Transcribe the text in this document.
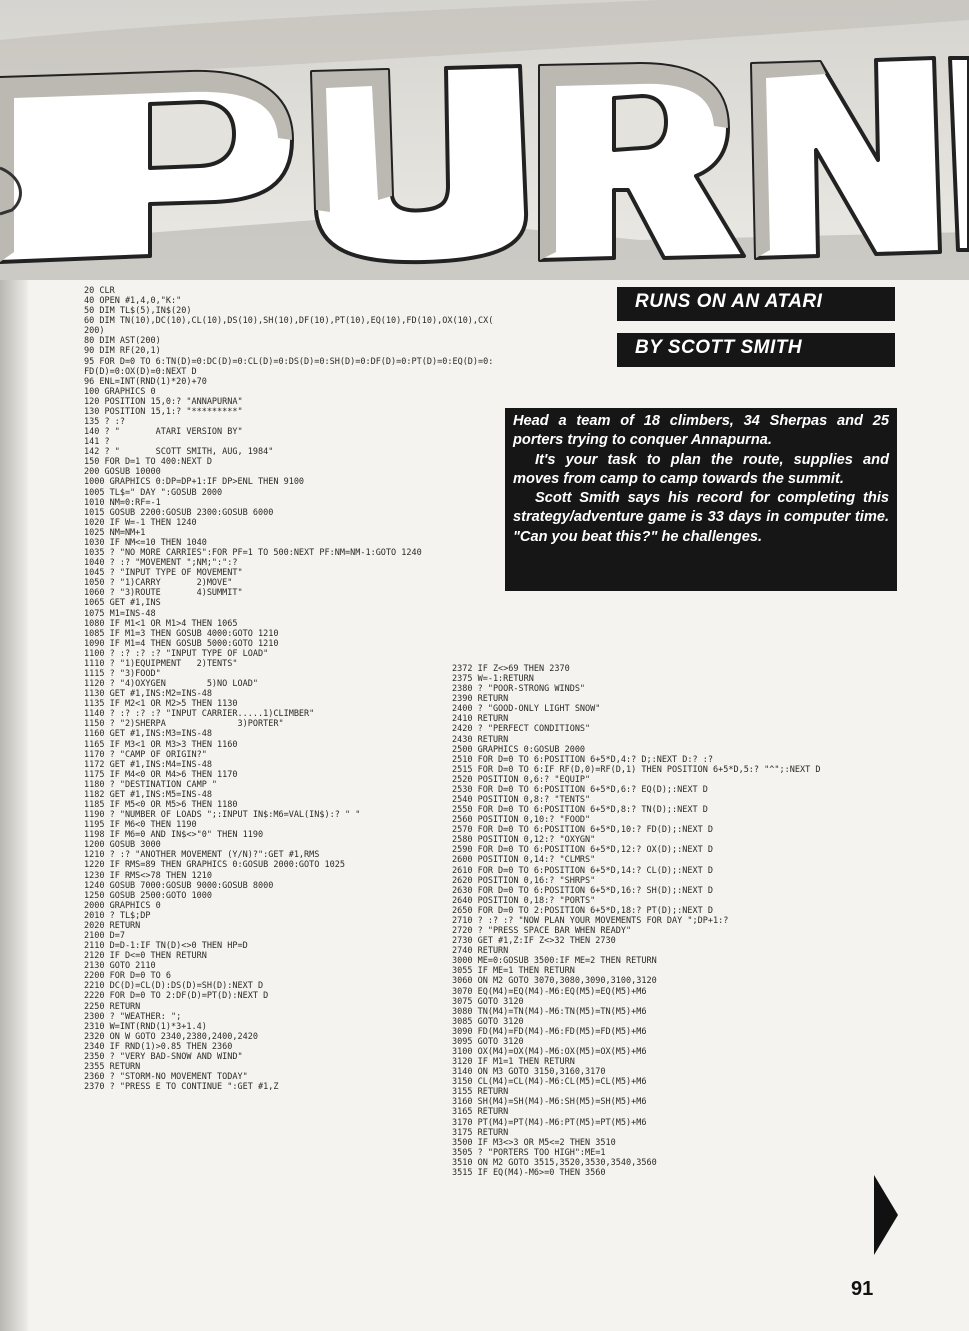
RUNS ON AN ATARI
BY SCOTT SMITH

Head a team of 18 climbers, 34 Sherpas and 25 porters trying to conquer Annapurna.

It's your task to plan the route, supplies and moves from camp to camp towards the summit.

Scott Smith says his record for completing this strategy/adventure game is 33 days in computer time. "Can you beat this?" he challenges.

20 CLR
40 OPEN #1,4,0,"K:"
50 DIM TL$(5),IN$(20)
60 DIM TN(10),DC(10),CL(10),DS(10),SH(10),DF(10),PT(10),EQ(10),FD(10),OX(10),CX(
200)
80 DIM AST(200)
90 DIM RF(20,1)
95 FOR D=0 TO 6:TN(D)=0:DC(D)=0:CL(D)=0:DS(D)=0:SH(D)=0:DF(D)=0:PT(D)=0:EQ(D)=0:
FD(D)=0:OX(D)=0:NEXT D
96 ENL=INT(RND(1)*20)+70
100 GRAPHICS 0
120 POSITION 15,0:? "ANNAPURNA"
130 POSITION 15,1:? "*********"
135 ? :?
140 ? "       ATARI VERSION BY"
141 ?
142 ? "       SCOTT SMITH, AUG, 1984"
150 FOR D=1 TO 400:NEXT D
200 GOSUB 10000
1000 GRAPHICS 0:DP=DP+1:IF DP>ENL THEN 9100
1005 TL$=" DAY ":GOSUB 2000
1010 NM=0:RF=-1
1015 GOSUB 2200:GOSUB 2300:GOSUB 6000
1020 IF W=-1 THEN 1240
1025 NM=NM+1
1030 IF NM<=10 THEN 1040
1035 ? "NO MORE CARRIES":FOR PF=1 TO 500:NEXT PF:NM=NM-1:GOTO 1240
1040 ? :? "MOVEMENT ";NM;":":?
1045 ? "INPUT TYPE OF MOVEMENT"
1050 ? "1)CARRY       2)MOVE"
1060 ? "3)ROUTE       4)SUMMIT"
1065 GET #1,INS
1075 M1=INS-48
1080 IF M1<1 OR M1>4 THEN 1065
1085 IF M1=3 THEN GOSUB 4000:GOTO 1210
1090 IF M1=4 THEN GOSUB 5000:GOTO 1210
1100 ? :? :? :? "INPUT TYPE OF LOAD"
1110 ? "1)EQUIPMENT   2)TENTS"
1115 ? "3)FOOD"
1120 ? "4)OXYGEN        5)NO LOAD"
1130 GET #1,INS:M2=INS-48
1135 IF M2<1 OR M2>5 THEN 1130
1140 ? :? :? :? "INPUT CARRIER.....1)CLIMBER"
1150 ? "2)SHERPA              3)PORTER"
1160 GET #1,INS:M3=INS-48
1165 IF M3<1 OR M3>3 THEN 1160
1170 ? "CAMP OF ORIGIN?"
1172 GET #1,INS:M4=INS-48
1175 IF M4<0 OR M4>6 THEN 1170
1180 ? "DESTINATION CAMP "
1182 GET #1,INS:M5=INS-48
1185 IF M5<0 OR M5>6 THEN 1180
1190 ? "NUMBER OF LOADS ";:INPUT IN$:M6=VAL(IN$):? " "
1195 IF M6<0 THEN 1190
1198 IF M6=0 AND IN$<>"0" THEN 1190
1200 GOSUB 3000
1210 ? :? "ANOTHER MOVEMENT (Y/N)?":GET #1,RMS
1220 IF RMS=89 THEN GRAPHICS 0:GOSUB 2000:GOTO 1025
1230 IF RMS<>78 THEN 1210
1240 GOSUB 7000:GOSUB 9000:GOSUB 8000
1250 GOSUB 2500:GOTO 1000
2000 GRAPHICS 0
2010 ? TL$;DP
2020 RETURN
2100 D=7
2110 D=D-1:IF TN(D)<>0 THEN HP=D
2120 IF D<=0 THEN RETURN
2130 GOTO 2110
2200 FOR D=0 TO 6
2210 DC(D)=CL(D):DS(D)=SH(D):NEXT D
2220 FOR D=0 TO 2:DF(D)=PT(D):NEXT D
2250 RETURN
2300 ? "WEATHER: ";
2310 W=INT(RND(1)*3+1.4)
2320 ON W GOTO 2340,2380,2400,2420
2340 IF RND(1)>0.85 THEN 2360
2350 ? "VERY BAD-SNOW AND WIND"
2355 RETURN
2360 ? "STORM-NO MOVEMENT TODAY"
2370 ? "PRESS E TO CONTINUE ":GET #1,Z
2372 IF Z<>69 THEN 2370
2375 W=-1:RETURN
2380 ? "POOR-STRONG WINDS"
2390 RETURN
2400 ? "GOOD-ONLY LIGHT SNOW"
2410 RETURN
2420 ? "PERFECT CONDITIONS"
2430 RETURN
2500 GRAPHICS 0:GOSUB 2000
2510 FOR D=0 TO 6:POSITION 6+5*D,4:? D;:NEXT D:? :?
2515 FOR D=0 TO 6:IF RF(D,0)=RF(D,1) THEN POSITION 6+5*D,5:? "^";:NEXT D
2520 POSITION 0,6:? "EQUIP"
2530 FOR D=0 TO 6:POSITION 6+5*D,6:? EQ(D);:NEXT D
2540 POSITION 0,8:? "TENTS"
2550 FOR D=0 TO 6:POSITION 6+5*D,8:? TN(D);:NEXT D
2560 POSITION 0,10:? "FOOD"
2570 FOR D=0 TO 6:POSITION 6+5*D,10:? FD(D);:NEXT D
2580 POSITION 0,12:? "OXYGN"
2590 FOR D=0 TO 6:POSITION 6+5*D,12:? OX(D);:NEXT D
2600 POSITION 0,14:? "CLMRS"
2610 FOR D=0 TO 6:POSITION 6+5*D,14:? CL(D);:NEXT D
2620 POSITION 0,16:? "SHRPS"
2630 FOR D=0 TO 6:POSITION 6+5*D,16:? SH(D);:NEXT D
2640 POSITION 0,18:? "PORTS"
2650 FOR D=0 TO 2:POSITION 6+5*D,18:? PT(D);:NEXT D
2710 ? :? :? "NOW PLAN YOUR MOVEMENTS FOR DAY ";DP+1:?
2720 ? "PRESS SPACE BAR WHEN READY"
2730 GET #1,Z:IF Z<>32 THEN 2730
2740 RETURN
3000 ME=0:GOSUB 3500:IF ME=2 THEN RETURN
3055 IF ME=1 THEN RETURN
3060 ON M2 GOTO 3070,3080,3090,3100,3120
3070 EQ(M4)=EQ(M4)-M6:EQ(M5)=EQ(M5)+M6
3075 GOTO 3120
3080 TN(M4)=TN(M4)-M6:TN(M5)=TN(M5)+M6
3085 GOTO 3120
3090 FD(M4)=FD(M4)-M6:FD(M5)=FD(M5)+M6
3095 GOTO 3120
3100 OX(M4)=OX(M4)-M6:OX(M5)=OX(M5)+M6
3120 IF M1=1 THEN RETURN
3140 ON M3 GOTO 3150,3160,3170
3150 CL(M4)=CL(M4)-M6:CL(M5)=CL(M5)+M6
3155 RETURN
3160 SH(M4)=SH(M4)-M6:SH(M5)=SH(M5)+M6
3165 RETURN
3170 PT(M4)=PT(M4)-M6:PT(M5)=PT(M5)+M6
3175 RETURN
3500 IF M3<>3 OR M5<=2 THEN 3510
3505 ? "PORTERS TOO HIGH":ME=1
3510 ON M2 GOTO 3515,3520,3530,3540,3560
3515 IF EQ(M4)-M6>=0 THEN 3560
91
